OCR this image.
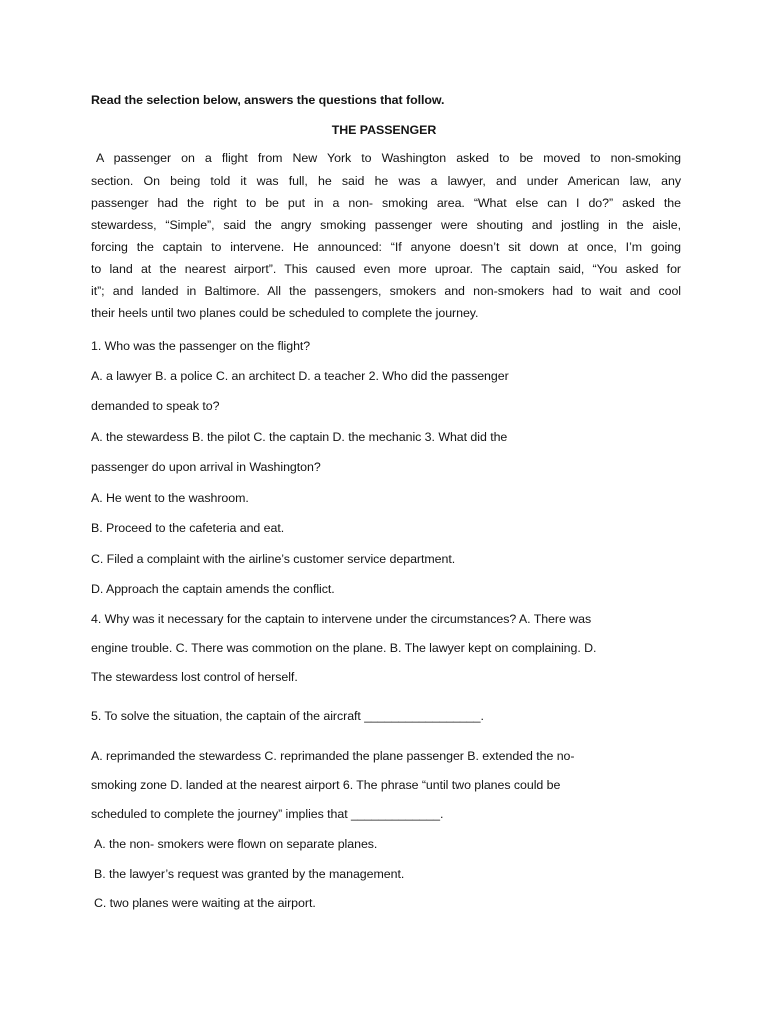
Read the selection below, answers the questions that follow.
THE PASSENGER
A passenger on a flight from New York to Washington asked to be moved to non-smoking
section. On being told it was full, he said he was a lawyer, and under American law, any
passenger had the right to be put in a non- smoking area. “What else can I do?” asked the
stewardess, “Simple”, said the angry smoking passenger were shouting and jostling in the aisle,
forcing the captain to intervene. He announced: “If anyone doesn’t sit down at once, I’m going
to land at the nearest airport”. This caused even more uproar. The captain said, “You asked for
it”; and landed in Baltimore. All the passengers, smokers and non-smokers had to wait and cool
their heels until two planes could be scheduled to complete the journey.
1. Who was the passenger on the flight?
A. a lawyer B. a police C. an architect D. a teacher 2. Who did the passenger
demanded to speak to?
A. the stewardess B. the pilot C. the captain D. the mechanic 3. What did the
passenger do upon arrival in Washington?
A. He went to the washroom.
B. Proceed to the cafeteria and eat.
C. Filed a complaint with the airline’s customer service department.
D. Approach the captain amends the conflict.
4. Why was it necessary for the captain to intervene under the circumstances? A. There was
engine trouble. C. There was commotion on the plane. B. The lawyer kept on complaining. D.
The stewardess lost control of herself.
5. To solve the situation, the captain of the aircraft _________________.
A. reprimanded the stewardess C. reprimanded the plane passenger B. extended the no-
smoking zone D. landed at the nearest airport 6. The phrase “until two planes could be
scheduled to complete the journey” implies that _____________.
A. the non- smokers were flown on separate planes.
B. the lawyer’s request was granted by the management.
C. two planes were waiting at the airport.
